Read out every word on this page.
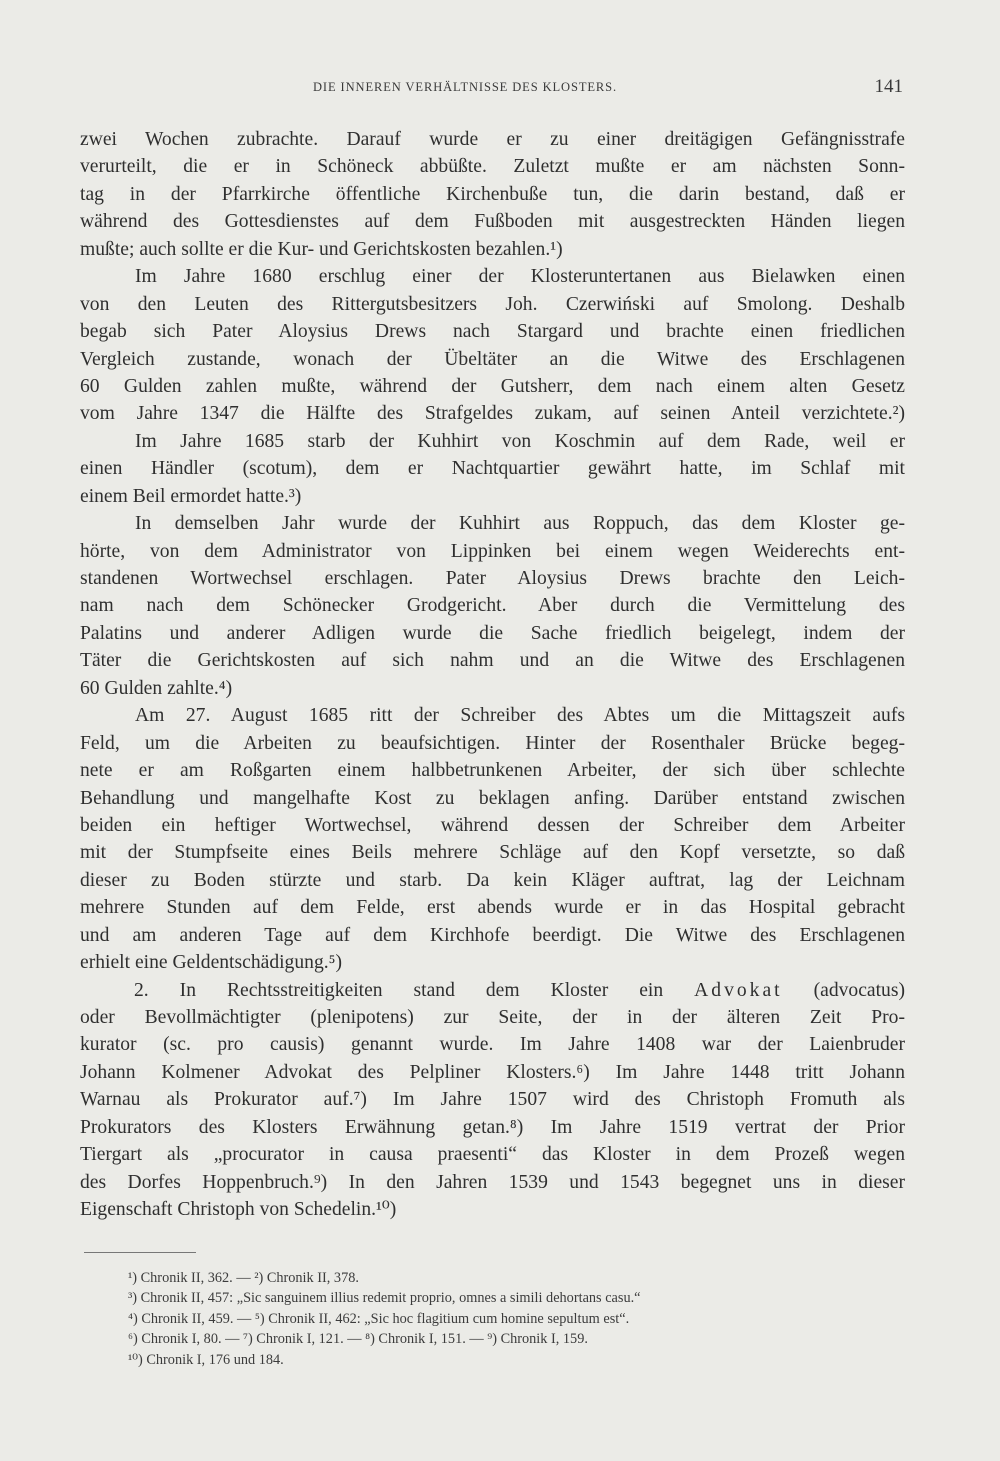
DIE INNEREN VERHÄLTNISSE DES KLOSTERS.	141
zwei Wochen zubrachte. Darauf wurde er zu einer dreitägigen Gefängnisstrafe
verurteilt, die er in Schöneck abbüßte. Zuletzt mußte er am nächsten Sonn-
tag in der Pfarrkirche öffentliche Kirchenbuße tun, die darin bestand, daß er
während des Gottesdienstes auf dem Fußboden mit ausgestreckten Händen liegen
mußte; auch sollte er die Kur- und Gerichtskosten bezahlen.¹)
Im Jahre 1680 erschlug einer der Klosteruntertanen aus Bielawken einen
von den Leuten des Rittergutsbesitzers Joh. Czerwiński auf Smolong. Deshalb
begab sich Pater Aloysius Drews nach Stargard und brachte einen friedlichen
Vergleich zustande, wonach der Übeltäter an die Witwe des Erschlagenen
60 Gulden zahlen mußte, während der Gutsherr, dem nach einem alten Gesetz
vom Jahre 1347 die Hälfte des Strafgeldes zukam, auf seinen Anteil verzichtete.²)
Im Jahre 1685 starb der Kuhhirt von Koschmin auf dem Rade, weil er
einen Händler (scotum), dem er Nachtquartier gewährt hatte, im Schlaf mit
einem Beil ermordet hatte.³)
In demselben Jahr wurde der Kuhhirt aus Roppuch, das dem Kloster ge-
hörte, von dem Administrator von Lippinken bei einem wegen Weiderechts ent-
standenen Wortwechsel erschlagen. Pater Aloysius Drews brachte den Leich-
nam nach dem Schönecker Grodgericht. Aber durch die Vermittelung des
Palatins und anderer Adligen wurde die Sache friedlich beigelegt, indem der
Täter die Gerichtskosten auf sich nahm und an die Witwe des Erschlagenen
60 Gulden zahlte.⁴)
Am 27. August 1685 ritt der Schreiber des Abtes um die Mittagszeit aufs
Feld, um die Arbeiten zu beaufsichtigen. Hinter der Rosenthaler Brücke begeg-
nete er am Roßgarten einem halbbetrunkenen Arbeiter, der sich über schlechte
Behandlung und mangelhafte Kost zu beklagen anfing. Darüber entstand zwischen
beiden ein heftiger Wortwechsel, während dessen der Schreiber dem Arbeiter
mit der Stumpfseite eines Beils mehrere Schläge auf den Kopf versetzte, so daß
dieser zu Boden stürzte und starb. Da kein Kläger auftrat, lag der Leichnam
mehrere Stunden auf dem Felde, erst abends wurde er in das Hospital gebracht
und am anderen Tage auf dem Kirchhofe beerdigt. Die Witwe des Erschlagenen
erhielt eine Geldentschädigung.⁵)
2. In Rechtsstreitigkeiten stand dem Kloster ein Advokat (advocatus)
oder Bevollmächtigter (plenipotens) zur Seite, der in der älteren Zeit Pro-
kurator (sc. pro causis) genannt wurde. Im Jahre 1408 war der Laienbruder
Johann Kolmener Advokat des Pelpliner Klosters.⁶) Im Jahre 1448 tritt Johann
Warnau als Prokurator auf.⁷) Im Jahre 1507 wird des Christoph Fromuth als
Prokurators des Klosters Erwähnung getan.⁸) Im Jahre 1519 vertrat der Prior
Tiergart als „procurator in causa praesenti“ das Kloster in dem Prozeß wegen
des Dorfes Hoppenbruch.⁹) In den Jahren 1539 und 1543 begegnet uns in dieser
Eigenschaft Christoph von Schedelin.¹⁰)
¹) Chronik II, 362. — ²) Chronik II, 378.
³) Chronik II, 457: „Sic sanguinem illius redemit proprio, omnes a simili dehortans casu.“
⁴) Chronik II, 459. — ⁵) Chronik II, 462: „Sic hoc flagitium cum homine sepultum est“.
⁶) Chronik I, 80. — ⁷) Chronik I, 121. — ⁸) Chronik I, 151. — ⁹) Chronik I, 159.
¹⁰) Chronik I, 176 und 184.
